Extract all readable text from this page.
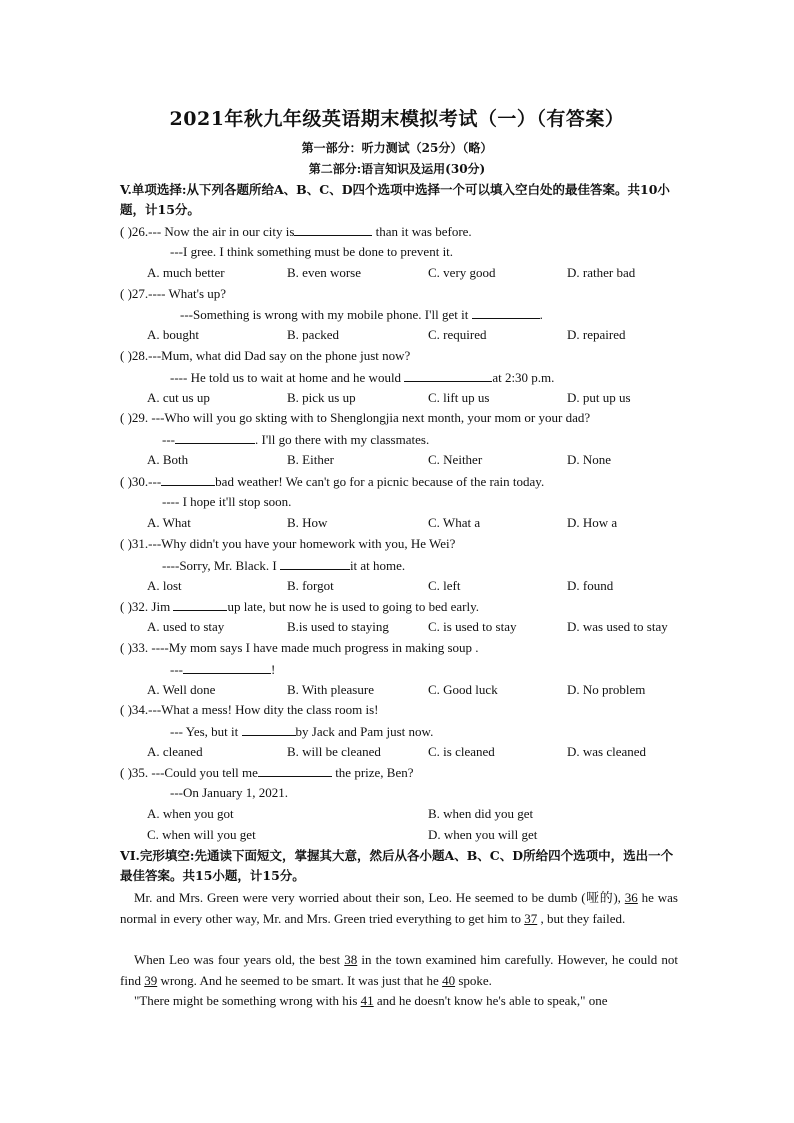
2021年秋九年级英语期末模拟考试（一）（有答案）
第一部分：听力测试（25分）（略）
第二部分:语言知识及运用(30分)
V.单项选择:从下列各题所给A、B、C、D四个选项中选择一个可以填入空白处的最佳答案。共10小题，计15分。
( )26.--- Now the air in our city is	than it was before.
---I gree. I think something must be done to prevent it.
A. much better	B. even worse	C. very good	D. rather bad
( )27.---- What's up?
---Something is wrong with my mobile phone. I'll get it	.
A. bought	B. packed	C. required	D. repaired
( )28.---Mum, what did Dad say on the phone just now?
---- He told us to wait at home and he would	at 2:30 p.m.
A. cut us up	B. pick us up	C. lift up us	D. put up us
( )29. ---Who will you go skting with to Shenglongjia next month, your mom or your dad?
---	. I'll go there with my classmates.
A. Both	B. Either	C. Neither	D. None
( )30.---	bad weather! We can't go for a picnic because of the rain today.
---- I hope it'll stop soon.
A. What	B. How	C. What a	D. How a
( )31.---Why didn't you have your homework with you, He Wei?
----Sorry, Mr. Black. I	it at home.
A. lost	B. forgot	C. left	D. found
( )32. Jim	up late, but now he is used to going to bed early.
A. used to stay	B.is used to staying	C. is used to stay	D. was used to stay
( )33. ----My mom says I have made much progress in making soup .
---	!
A. Well done	B. With pleasure	C. Good luck	D. No problem
( )34.---What a mess! How dity the class room is!
--- Yes, but it	by Jack and Pam just now.
A. cleaned	B. will be cleaned	C. is cleaned	D. was cleaned
( )35. ---Could you tell me	the prize, Ben?
---On January 1, 2021.
A. when you got	B. when did you get
C. when will you get	D. when you will get
VI.完形填空:先通读下面短文，掌握其大意，然后从各小题A、B、C、D所给四个选项中，选出一个最佳答案。共15小题，计15分。
Mr. and Mrs. Green were very worried about their son, Leo. He seemed to be dumb (哑的), 36 he was normal in every other way, Mr. and Mrs. Green tried everything to get him to 37 , but they failed.
When Leo was four years old, the best 38 in the town examined him carefully. However, he could not find 39 wrong. And he seemed to be smart. It was just that he 40 spoke.
"There might be something wrong with his 41 and he doesn't know he's able to speak," one
